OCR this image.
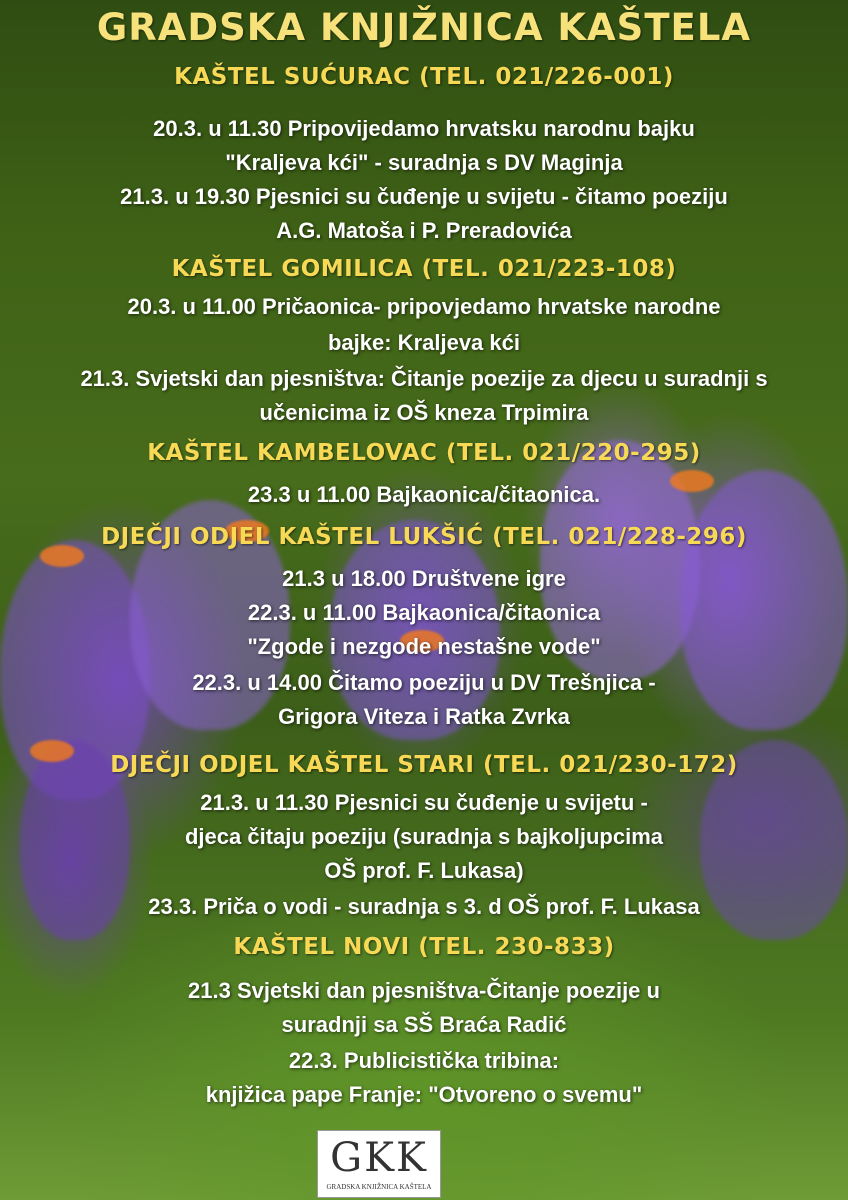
GRADSKA KNJIŽNICA KAŠTELA
KAŠTEL SUĆURAC (TEL. 021/226-001)
20.3. u 11.30 Pripovijedamo hrvatsku narodnu bajku
"Kraljeva kći" - suradnja s DV Maginja
21.3. u 19.30 Pjesnici su čuđenje u svijetu - čitamo poeziju
A.G. Matoša i P. Preradovića
KAŠTEL GOMILICA (TEL. 021/223-108)
20.3. u 11.00 Pričaonica- pripovjedamo hrvatske narodne
bajke: Kraljeva kći
21.3. Svjetski dan pjesništva: Čitanje poezije za djecu u suradnji s
učenicima iz OŠ kneza Trpimira
KAŠTEL KAMBELOVAC (TEL. 021/220-295)
23.3 u 11.00 Bajkaonica/čitaonica.
DJEČJI ODJEL KAŠTEL LUKŠIĆ (TEL. 021/228-296)
21.3 u 18.00 Društvene igre
22.3. u 11.00 Bajkaonica/čitaonica
"Zgode i nezgode nestašne vode"
22.3. u 14.00 Čitamo poeziju u DV Trešnjica -
Grigora Viteza i Ratka Zvrka
DJEČJI ODJEL KAŠTEL STARI (TEL. 021/230-172)
21.3. u 11.30 Pjesnici su čuđenje u svijetu -
djeca čitaju poeziju (suradnja s bajkoljupcima
OŠ prof. F. Lukasa)
23.3. Priča o vodi - suradnja s 3. d OŠ prof. F. Lukasa
KAŠTEL NOVI (TEL. 230-833)
21.3 Svjetski dan pjesništva-Čitanje poezije u
suradnji sa SŠ Braća Radić
22.3. Publicistička tribina:
knjižica pape Franje: "Otvoreno o svemu"
GKK
GRADSKA KNJIŽNICA KAŠTELA
